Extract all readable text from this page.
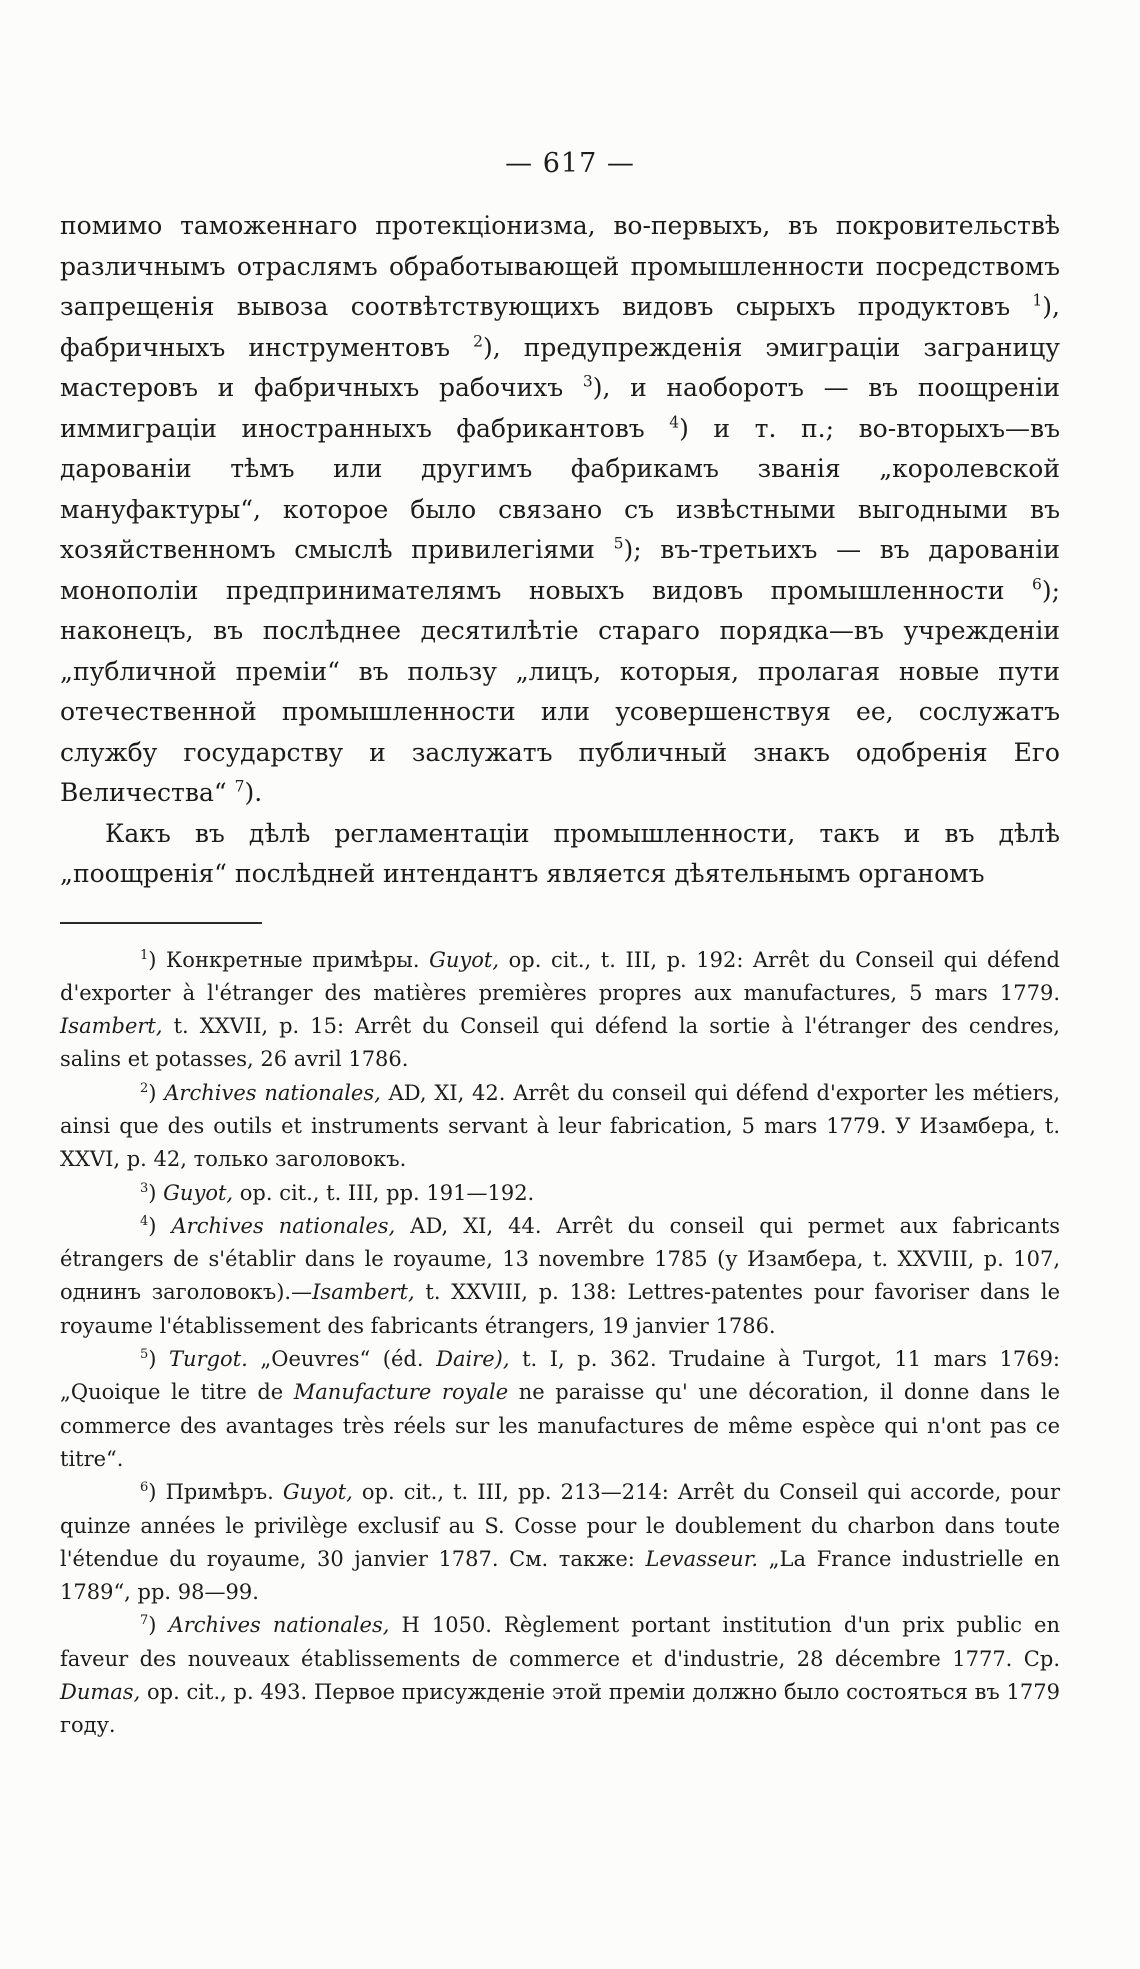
— 617 —

помимо таможеннаго протекціонизма, во-первыхъ, въ покровительствѣ различнымъ отраслямъ обработывающей промышленности посредствомъ запрещенія вывоза соотвѣтствующихъ видовъ сырыхъ продуктовъ $^1$), фабричныхъ инструментовъ $^2$), предупрежденія эмиграціи заграницу мастеровъ и фабричныхъ рабочихъ $^3$), и наоборотъ — въ поощреніи иммиграціи иностранныхъ фабрикантовъ $^4$) и т. п.; во-вторыхъ—въ дарованіи тѣмъ или другимъ фабрикамъ званія „королевской мануфактуры“, которое было связано съ извѣстными выгодными въ хозяйственномъ смыслѣ привилегіями $^5$); въ-третьихъ — въ дарованіи монополіи предпринимателямъ новыхъ видовъ промышленности $^6$); наконецъ, въ послѣднее десятилѣтіе стараго порядка—въ учрежденіи „публичной преміи“ въ пользу „лицъ, которыя, пролагая новые пути отечественной промышленности или усовершенствуя ее, сослужатъ службу государству и заслужатъ публичный знакъ одобренія Его Величества“ $^7$).

Какъ въ дѣлѣ регламентаціи промышленности, такъ и въ дѣлѣ „поощренія“ послѣдней интендантъ является дѣятельнымъ органомъ

$^1$) Конкретные примѣры. Guyot, op. cit., t. III, p. 192: Arrêt du Conseil qui défend d'exporter à l'étranger des matières premières propres aux manufactures, 5 mars 1779. Isambert, t. XXVII, p. 15: Arrêt du Conseil qui défend la sortie à l'étranger des cendres, salins et potasses, 26 avril 1786.

$^2$) Archives nationales, AD, XI, 42. Arrêt du conseil qui défend d'exporter les métiers, ainsi que des outils et instruments servant à leur fabrication, 5 mars 1779. У Изамбера, t. XXVI, p. 42, только заголовокъ.

$^3$) Guyot, op. cit., t. III, pp. 191—192.

$^4$) Archives nationales, AD, XI, 44. Arrêt du conseil qui permet aux fabricants étrangers de s'établir dans le royaume, 13 novembre 1785 (у Изамбера, t. XXVIII, p. 107, однинъ заголовокъ).—Isambert, t. XXVIII, p. 138: Lettres-patentes pour favoriser dans le royaume l'établissement des fabricants étrangers, 19 janvier 1786.

$^5$) Turgot. „Oeuvres“ (éd. Daire), t. I, p. 362. Trudaine à Turgot, 11 mars 1769: „Quoique le titre de Manufacture royale ne paraisse qu' une décoration, il donne dans le commerce des avantages très réels sur les manufactures de même espèce qui n'ont pas ce titre“.

$^6$) Примѣръ. Guyot, op. cit., t. III, pp. 213—214: Arrêt du Conseil qui accorde, pour quinze années le privilège exclusif au S. Cosse pour le doublement du charbon dans toute l'étendue du royaume, 30 janvier 1787. См. также: Levasseur. „La France industrielle en 1789“, pp. 98—99.

$^7$) Archives nationales, H 1050. Règlement portant institution d'un prix public en faveur des nouveaux établissements de commerce et d'industrie, 28 décembre 1777. Ср. Dumas, op. cit., p. 493. Первое присужденіе этой преміи должно было состояться въ 1779 году.
